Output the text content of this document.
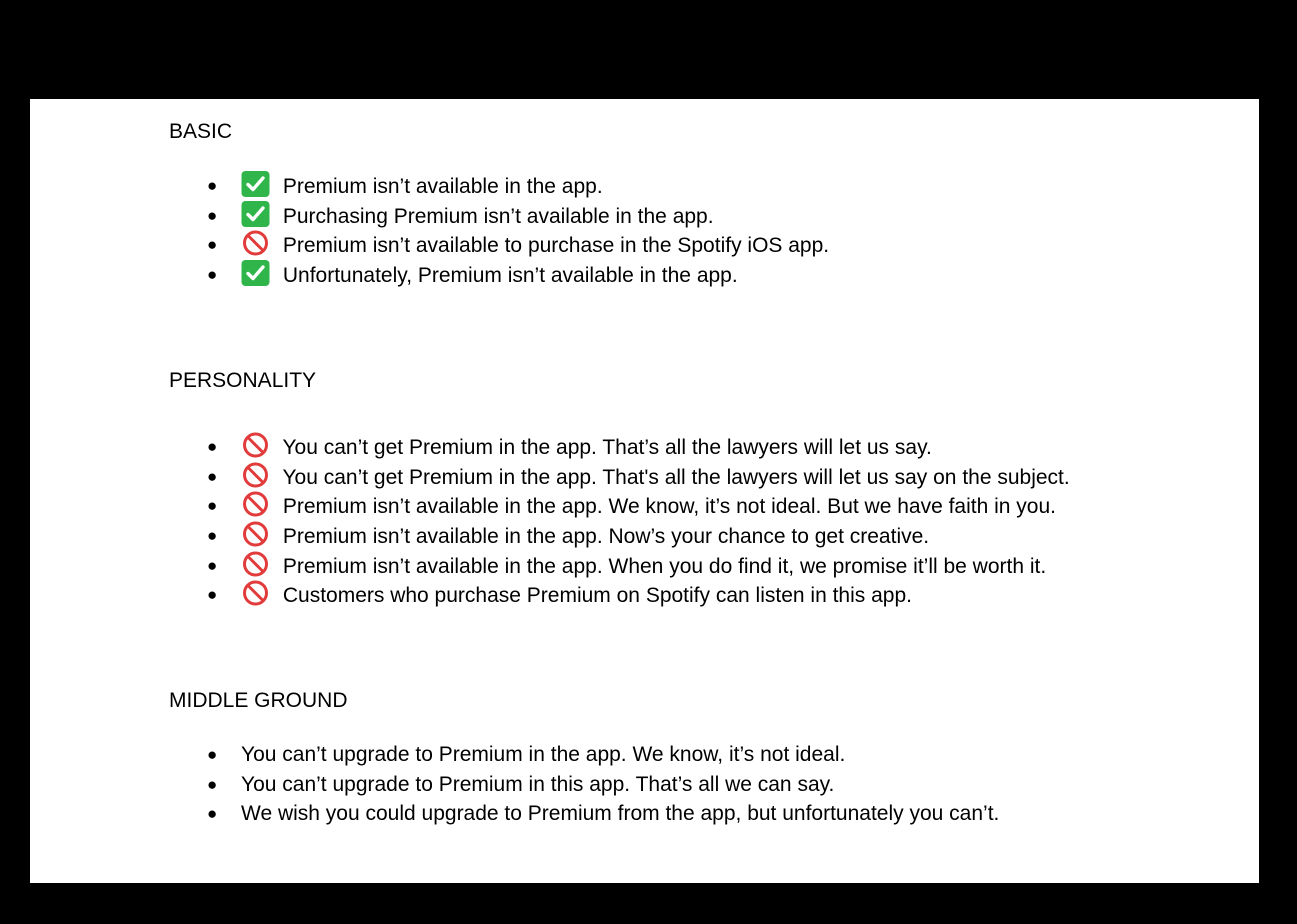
BASIC
●	Premium isn’t available in the app.
●	Purchasing Premium isn’t available in the app.
●	Premium isn’t available to purchase in the Spotify iOS app.
●	Unfortunately, Premium isn’t available in the app.
PERSONALITY
●	You can’t get Premium in the app. That’s all the lawyers will let us say.
●	You can’t get Premium in the app. That's all the lawyers will let us say on the subject.
●	Premium isn’t available in the app. We know, it’s not ideal. But we have faith in you.
●	Premium isn’t available in the app. Now’s your chance to get creative.
●	Premium isn’t available in the app. When you do find it, we promise it’ll be worth it.
●	Customers who purchase Premium on Spotify can listen in this app.
MIDDLE GROUND
● You can’t upgrade to Premium in the app. We know, it’s not ideal.
● You can’t upgrade to Premium in this app. That’s all we can say.
● We wish you could upgrade to Premium from the app, but unfortunately you can’t.
